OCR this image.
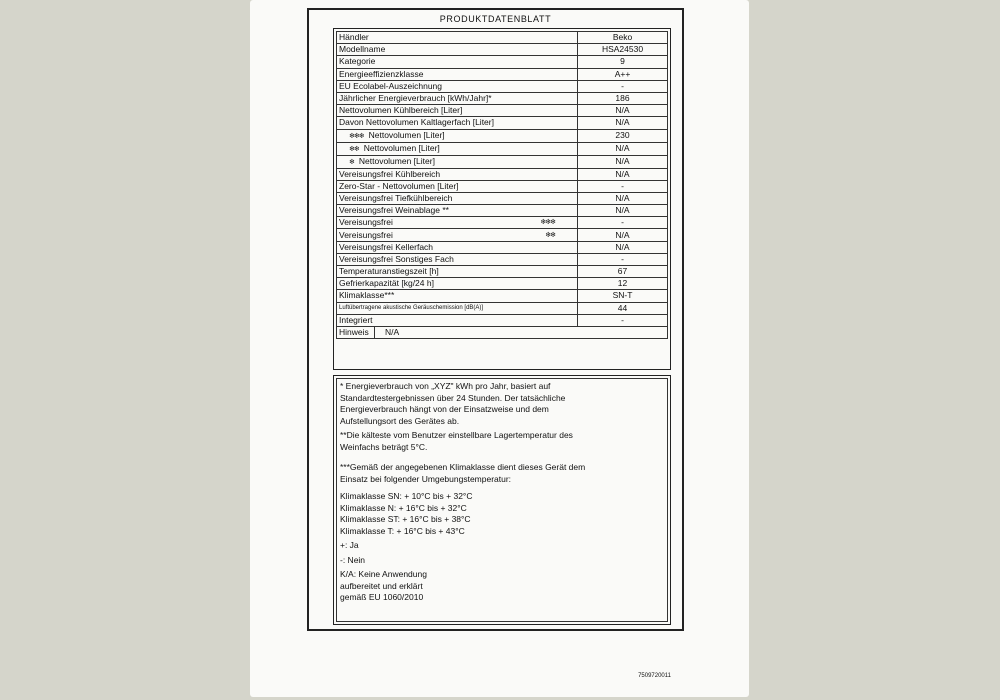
PRODUKTDATENBLATT
Händler	Beko
Modellname	HSA24530
Kategorie	9
Energieeffizienzklasse	A++
EU Ecolabel-Auszeichnung	-
Jährlicher Energieverbrauch [kWh/Jahr]*	186
Nettovolumen Kühlbereich [Liter]	N/A
Davon Nettovolumen Kaltlagerfach [Liter]	N/A
❄❄❄ Nettovolumen [Liter]	230
❄❄ Nettovolumen [Liter]	N/A
❄ Nettovolumen [Liter]	N/A
Vereisungsfrei Kühlbereich	N/A
Zero-Star - Nettovolumen [Liter]	-
Vereisungsfrei Tiefkühlbereich	N/A
Vereisungsfrei Weinablage **	N/A
Vereisungsfrei ❄❄❄	-
Vereisungsfrei ❄❄	N/A
Vereisungsfrei Kellerfach	N/A
Vereisungsfrei Sonstiges Fach	-
Temperaturanstiegszeit [h]	67
Gefrierkapazität [kg/24 h]	12
Klimaklasse***	SN-T
Luftübertragene akustische Geräuschemission [dB(A)]	44
Integriert	-
Hinweis N/A	

* Energieverbrauch von „XYZ" kWh pro Jahr, basiert auf

Standardtestergebnissen über 24 Stunden. Der tatsächliche

Energieverbrauch hängt von der Einsatzweise und dem

Aufstellungsort des Gerätes ab.

**Die kälteste vom Benutzer einstellbare Lagertemperatur des

Weinfachs beträgt 5°C.

***Gemäß der angegebenen Klimaklasse dient dieses Gerät dem

Einsatz bei folgender Umgebungstemperatur:

Klimaklasse SN: + 10°C bis + 32°C

Klimaklasse N: + 16°C bis + 32°C

Klimaklasse ST: + 16°C bis + 38°C

Klimaklasse T: + 16°C bis + 43°C

+: Ja

-: Nein

K/A: Keine Anwendung

aufbereitet und erklärt

gemäß EU 1060/2010

7509720011
